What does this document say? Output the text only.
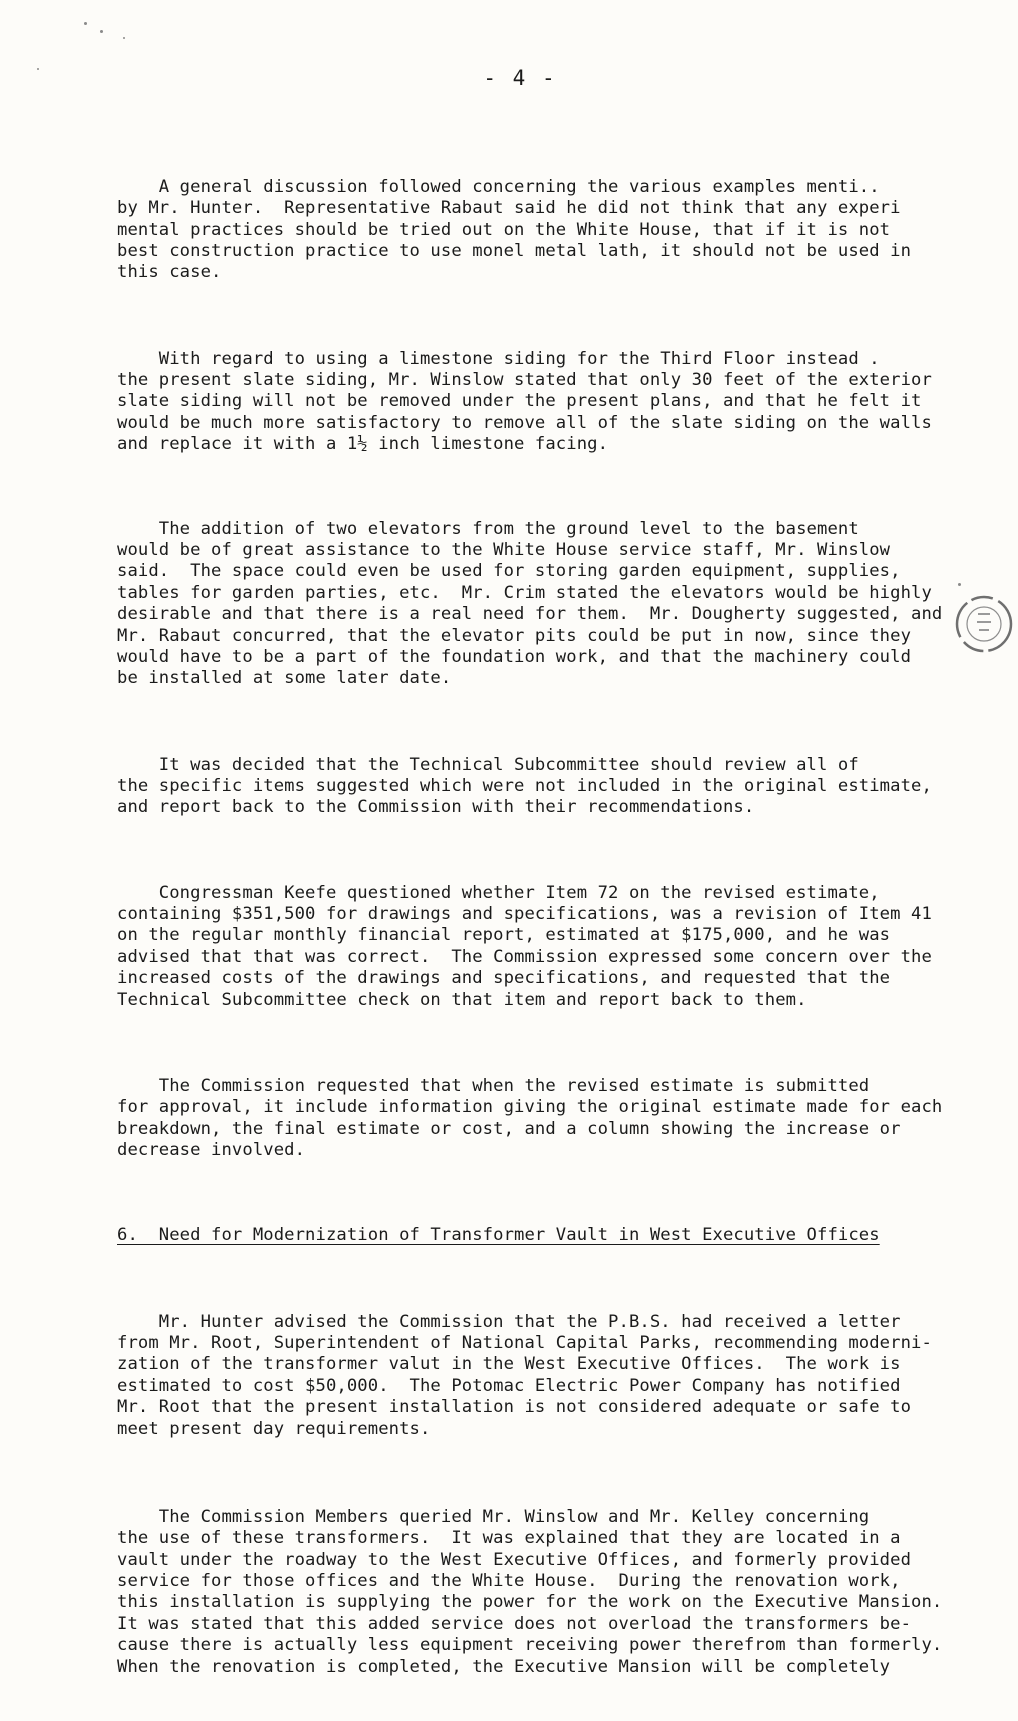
- 4 -

A general discussion followed concerning the various examples menti..
by Mr. Hunter.  Representative Rabaut said he did not think that any experi
mental practices should be tried out on the White House, that if it is not
best construction practice to use monel metal lath, it should not be used in
this case.

With regard to using a limestone siding for the Third Floor instead .
the present slate siding, Mr. Winslow stated that only 30 feet of the exterior
slate siding will not be removed under the present plans, and that he felt it
would be much more satisfactory to remove all of the slate siding on the walls
and replace it with a 1½ inch limestone facing.

The addition of two elevators from the ground level to the basement
would be of great assistance to the White House service staff, Mr. Winslow
said.  The space could even be used for storing garden equipment, supplies,
tables for garden parties, etc.  Mr. Crim stated the elevators would be highly
desirable and that there is a real need for them.  Mr. Dougherty suggested, and
Mr. Rabaut concurred, that the elevator pits could be put in now, since they
would have to be a part of the foundation work, and that the machinery could
be installed at some later date.

It was decided that the Technical Subcommittee should review all of
the specific items suggested which were not included in the original estimate,
and report back to the Commission with their recommendations.

Congressman Keefe questioned whether Item 72 on the revised estimate,
containing $351,500 for drawings and specifications, was a revision of Item 41
on the regular monthly financial report, estimated at $175,000, and he was
advised that that was correct.  The Commission expressed some concern over the
increased costs of the drawings and specifications, and requested that the
Technical Subcommittee check on that item and report back to them.

The Commission requested that when the revised estimate is submitted
for approval, it include information giving the original estimate made for each
breakdown, the final estimate or cost, and a column showing the increase or
decrease involved.

6.  Need for Modernization of Transformer Vault in West Executive Offices

Mr. Hunter advised the Commission that the P.B.S. had received a letter
from Mr. Root, Superintendent of National Capital Parks, recommending moderni-
zation of the transformer valut in the West Executive Offices.  The work is
estimated to cost $50,000.  The Potomac Electric Power Company has notified
Mr. Root that the present installation is not considered adequate or safe to
meet present day requirements.

The Commission Members queried Mr. Winslow and Mr. Kelley concerning
the use of these transformers.  It was explained that they are located in a
vault under the roadway to the West Executive Offices, and formerly provided
service for those offices and the White House.  During the renovation work,
this installation is supplying the power for the work on the Executive Mansion.
It was stated that this added service does not overload the transformers be-
cause there is actually less equipment receiving power therefrom than formerly.
When the renovation is completed, the Executive Mansion will be completely
